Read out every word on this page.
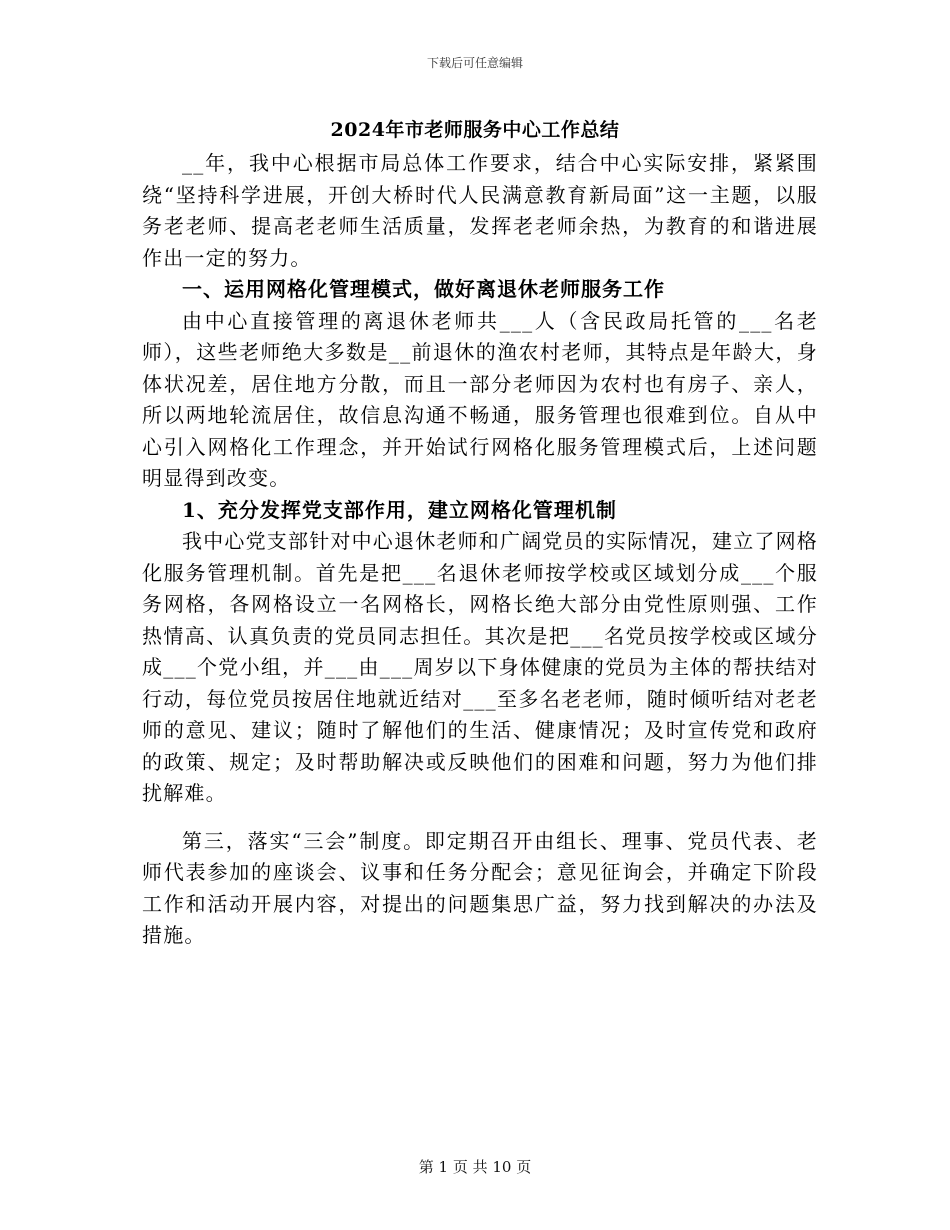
下载后可任意编辑
2024年市老师服务中心工作总结

__年，我中心根据市局总体工作要求，结合中心实际安排，紧紧围绕“坚持科学进展，开创大桥时代人民满意教育新局面”这一主题，以服务老老师、提高老老师生活质量，发挥老老师余热，为教育的和谐进展作出一定的努力。

一、运用网格化管理模式，做好离退休老师服务工作

由中心直接管理的离退休老师共___人（含民政局托管的___名老师），这些老师绝大多数是__前退休的渔农村老师，其特点是年龄大，身体状况差，居住地方分散，而且一部分老师因为农村也有房子、亲人，所以两地轮流居住，故信息沟通不畅通，服务管理也很难到位。自从中心引入网格化工作理念，并开始试行网格化服务管理模式后，上述问题明显得到改变。

1、充分发挥党支部作用，建立网格化管理机制

我中心党支部针对中心退休老师和广阔党员的实际情况，建立了网格化服务管理机制。首先是把___名退休老师按学校或区域划分成___个服务网格，各网格设立一名网格长，网格长绝大部分由党性原则强、工作热情高、认真负责的党员同志担任。其次是把___名党员按学校或区域分成___个党小组，并___由___周岁以下身体健康的党员为主体的帮扶结对行动，每位党员按居住地就近结对___至多名老老师，随时倾听结对老老师的意见、建议；随时了解他们的生活、健康情况；及时宣传党和政府的政策、规定；及时帮助解决或反映他们的困难和问题，努力为他们排扰解难。

第三，落实“三会”制度。即定期召开由组长、理事、党员代表、老师代表参加的座谈会、议事和任务分配会；意见征询会，并确定下阶段工作和活动开展内容，对提出的问题集思广益，努力找到解决的办法及措施。

第 1 页 共 10 页
